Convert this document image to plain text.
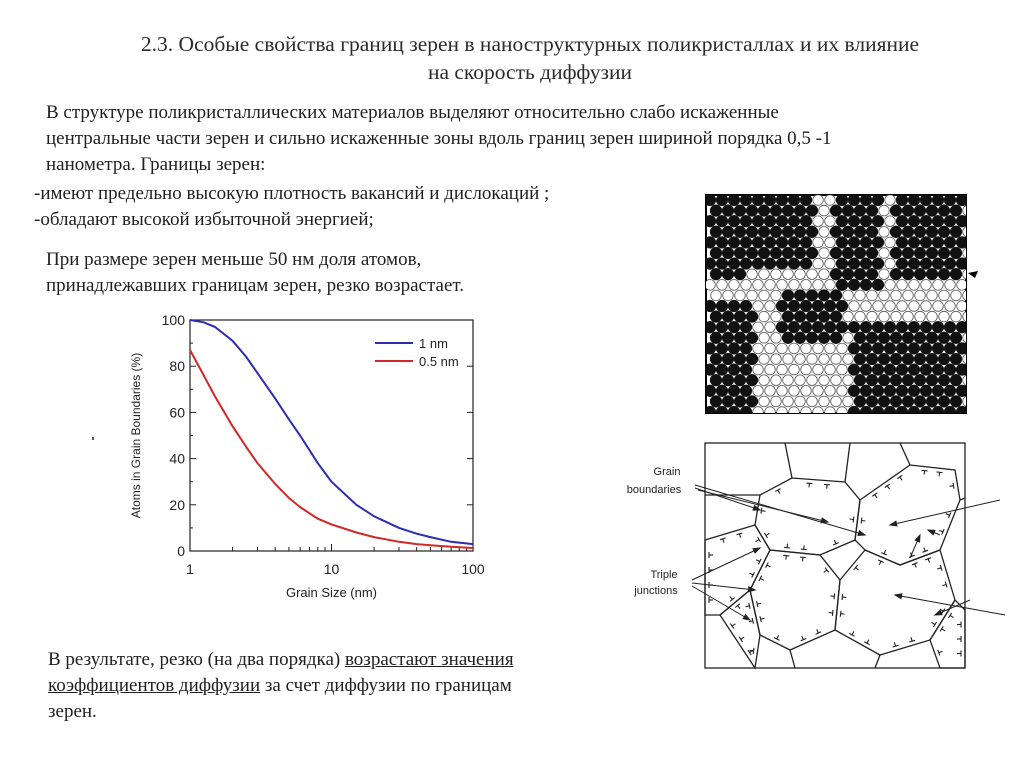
2.3. Особые свойства границ зерен в наноструктурных поликристаллах и их влияние
на скорость диффузии
В структуре поликристаллических материалов выделяют относительно слабо искаженные
центральные части зерен и сильно искаженные зоны вдоль границ зерен шириной порядка 0,5 -1
нанометра. Границы зерен:
-имеют предельно высокую плотность вакансий и дислокаций ;
-обладают высокой избыточной энергией;
При размере зерен меньше 50 нм доля атомов,
принадлежавших границам зерен, резко возрастает.
В результате, резко (на два порядка) возрастают значения
коэффициентов диффузии за счет диффузии по границам
зерен.
0
20
40
60
80
100
1	10	100
Grain Size (nm)
Atoms in Grain Boundaries (%)
1 nm
0.5 nm
Grain
boundaries
Triple
junctions
